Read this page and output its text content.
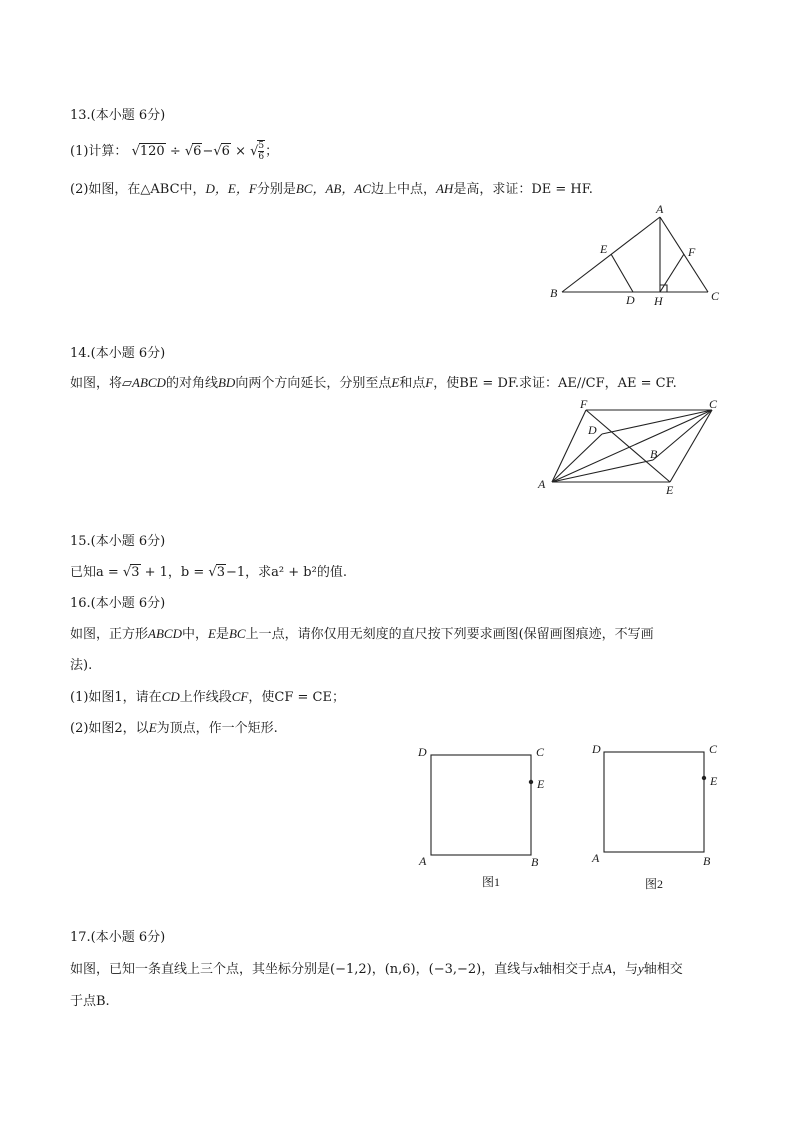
13.(本小题 6分)
(1)计算： √120 ÷ √6−√6 × √ $\frac{5}{6}$ ；
(2)如图，在△ABC中，D，E，F分别是BC，AB，AC边上中点，AH是高，求证：DE = HF.
A
B	C
D
E	F
H
14.(本小题 6分)
如图，将▱ABCD的对角线BD向两个方向延长，分别至点E和点F，使BE = DF.求证：AE//CF，AE = CF.
A
B
C
D
E
F
15.(本小题 6分)
已知a = √3 + 1，b = √3−1，求a² + b²的值.
16.(本小题 6分)
如图，正方形ABCD中，E是BC上一点，请你仅用无刻度的直尺按下列要求画图(保留画图痕迹，不写画
法).
(1)如图1，请在CD上作线段CF，使CF = CE；
(2)如图2，以E为顶点，作一个矩形.
D	C
E
A	B
图1
D	C
E
A	B
图2
17.(本小题 6分)
如图，已知一条直线上三个点，其坐标分别是(−1,2)，(n,6)，(−3,−2)，直线与x轴相交于点A，与y轴相交
于点B.
